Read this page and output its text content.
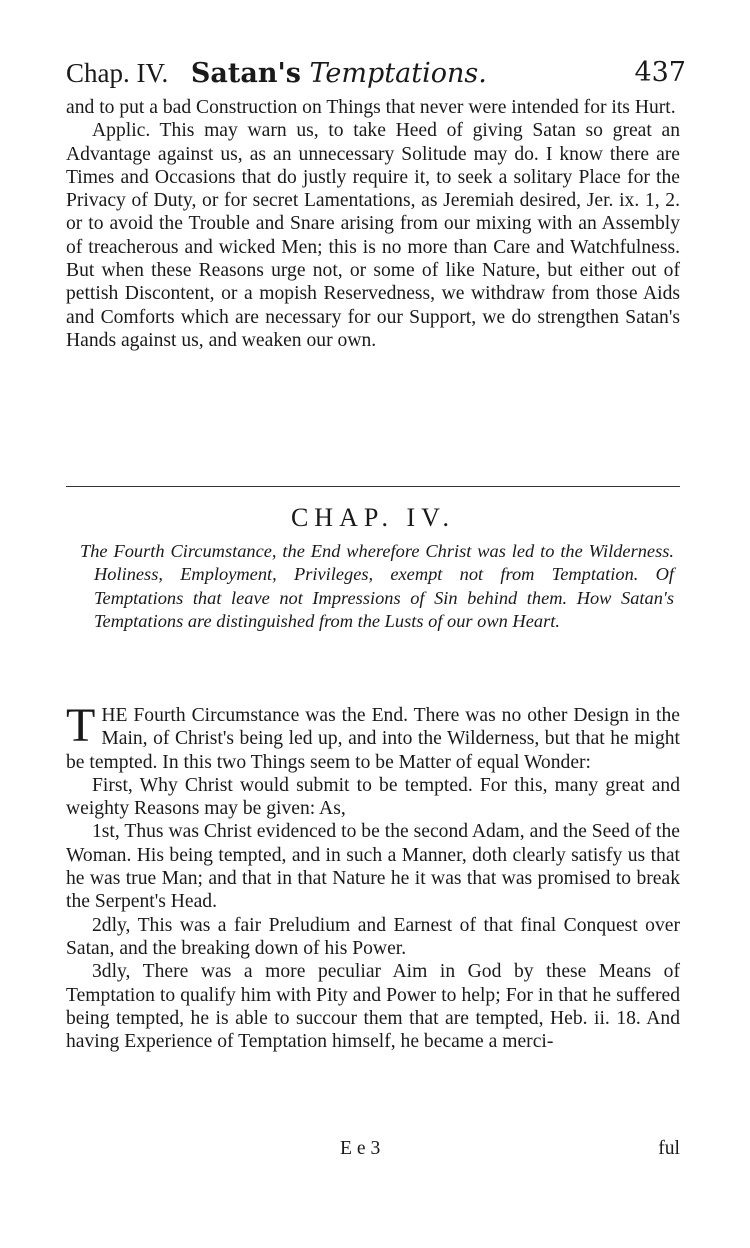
Chap. IV. Satan's Temptations.	437

and to put a bad Construction on Things that never were intended for its Hurt.

Applic. This may warn us, to take Heed of giving Satan so great an Advantage against us, as an unnecessary Solitude may do. I know there are Times and Occasions that do justly require it, to seek a solitary Place for the Privacy of Duty, or for secret Lamentations, as Jeremiah desired, Jer. ix. 1, 2. or to avoid the Trouble and Snare arising from our mixing with an Assembly of treacherous and wicked Men; this is no more than Care and Watchfulness. But when these Reasons urge not, or some of like Nature, but either out of pettish Discontent, or a mopish Reservedness, we withdraw from those Aids and Comforts which are necessary for our Support, we do strengthen Satan's Hands against us, and weaken our own.

CHAP. IV.
The Fourth Circumstance, the End wherefore Christ was led to the Wilderness. Holiness, Employment, Privileges, exempt not from Temptation. Of Temptations that leave not Impressions of Sin behind them. How Satan's Temptations are distinguished from the Lusts of our own Heart.

THE Fourth Circumstance was the End. There was no other Design in the Main, of Christ's being led up, and into the Wilderness, but that he might be tempted. In this two Things seem to be Matter of equal Wonder:

First, Why Christ would submit to be tempted. For this, many great and weighty Reasons may be given: As,

1st, Thus was Christ evidenced to be the second Adam, and the Seed of the Woman. His being tempted, and in such a Manner, doth clearly satisfy us that he was true Man; and that in that Nature he it was that was promised to break the Serpent's Head.

2dly, This was a fair Preludium and Earnest of that final Conquest over Satan, and the breaking down of his Power.

3dly, There was a more peculiar Aim in God by these Means of Temptation to qualify him with Pity and Power to help; For in that he suffered being tempted, he is able to succour them that are tempted, Heb. ii. 18. And having Experience of Temptation himself, he became a merci-

E e 3	ful
